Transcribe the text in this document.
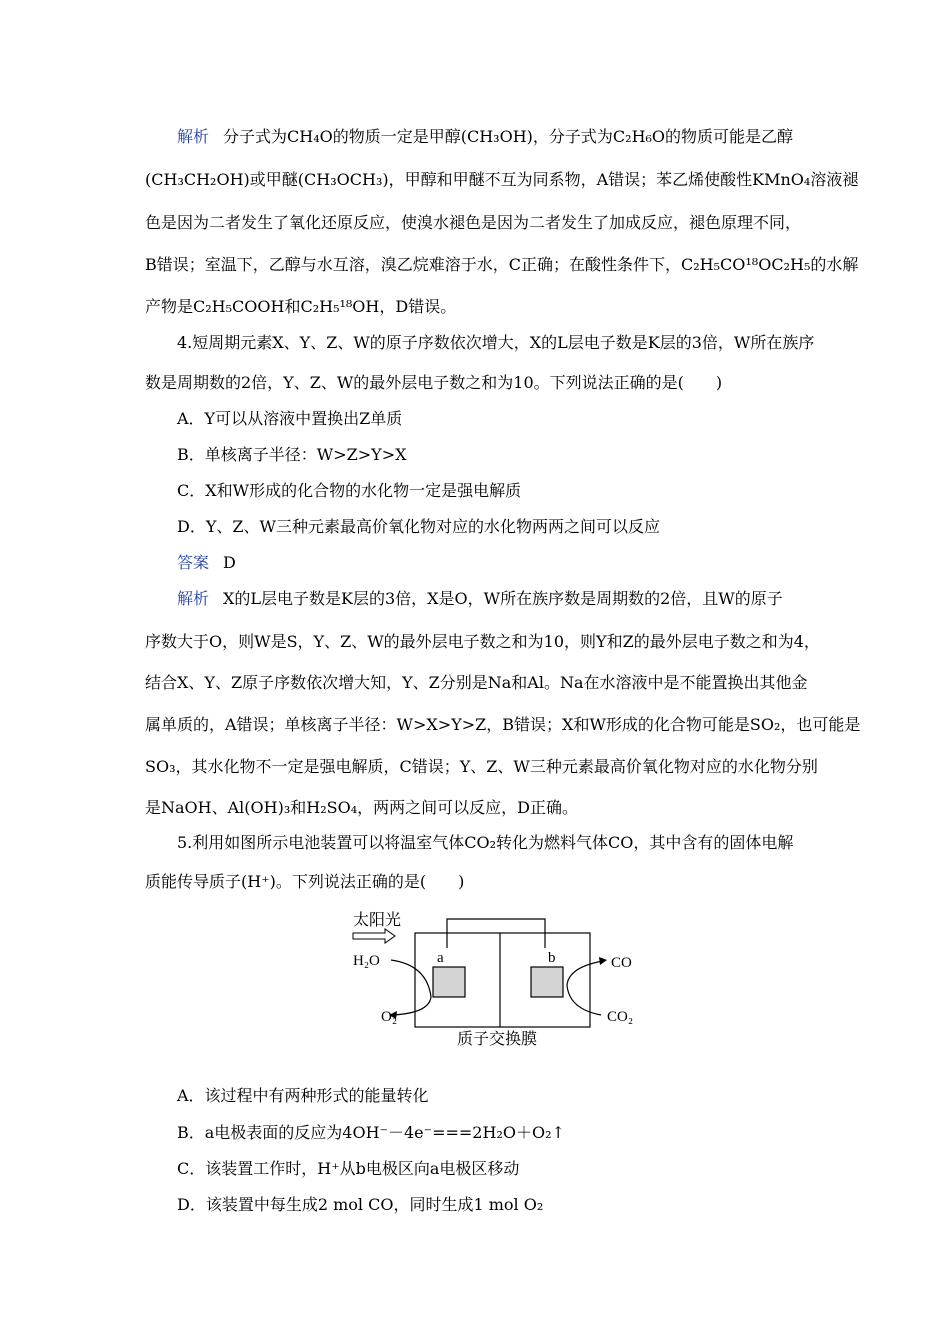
解析 分子式为CH₄O的物质一定是甲醇(CH₃OH)，分子式为C₂H₆O的物质可能是乙醇
(CH₃CH₂OH)或甲醚(CH₃OCH₃)，甲醇和甲醚不互为同系物，A错误；苯乙烯使酸性KMnO₄溶液褪
色是因为二者发生了氧化还原反应，使溴水褪色是因为二者发生了加成反应，褪色原理不同，
B错误；室温下，乙醇与水互溶，溴乙烷难溶于水，C正确；在酸性条件下，C₂H₅CO¹⁸OC₂H₅的水解
产物是C₂H₅COOH和C₂H₅¹⁸OH，D错误。
4.短周期元素X、Y、Z、W的原子序数依次增大，X的L层电子数是K层的3倍，W所在族序
数是周期数的2倍，Y、Z、W的最外层电子数之和为10。下列说法正确的是(　　)
A．Y可以从溶液中置换出Z单质
B．单核离子半径：W>Z>Y>X
C．X和W形成的化合物的水化物一定是强电解质
D．Y、Z、W三种元素最高价氧化物对应的水化物两两之间可以反应
答案 D
解析 X的L层电子数是K层的3倍，X是O，W所在族序数是周期数的2倍，且W的原子
序数大于O，则W是S，Y、Z、W的最外层电子数之和为10，则Y和Z的最外层电子数之和为4，
结合X、Y、Z原子序数依次增大知，Y、Z分别是Na和Al。Na在水溶液中是不能置换出其他金
属单质的，A错误；单核离子半径：W>X>Y>Z，B错误；X和W形成的化合物可能是SO₂，也可能是
SO₃，其水化物不一定是强电解质，C错误；Y、Z、W三种元素最高价氧化物对应的水化物分别
是NaOH、Al(OH)₃和H₂SO₄，两两之间可以反应，D正确。
5.利用如图所示电池装置可以将温室气体CO₂转化为燃料气体CO，其中含有的固体电解
质能传导质子(H⁺)。下列说法正确的是(　　)
a	b
太阳光
H₂O
O₂
CO
CO₂
质子交换膜
A．该过程中有两种形式的能量转化
B．a电极表面的反应为4OH⁻－4e⁻===2H₂O＋O₂↑
C．该装置工作时，H⁺从b电极区向a电极区移动
D．该装置中每生成2 mol CO，同时生成1 mol O₂
